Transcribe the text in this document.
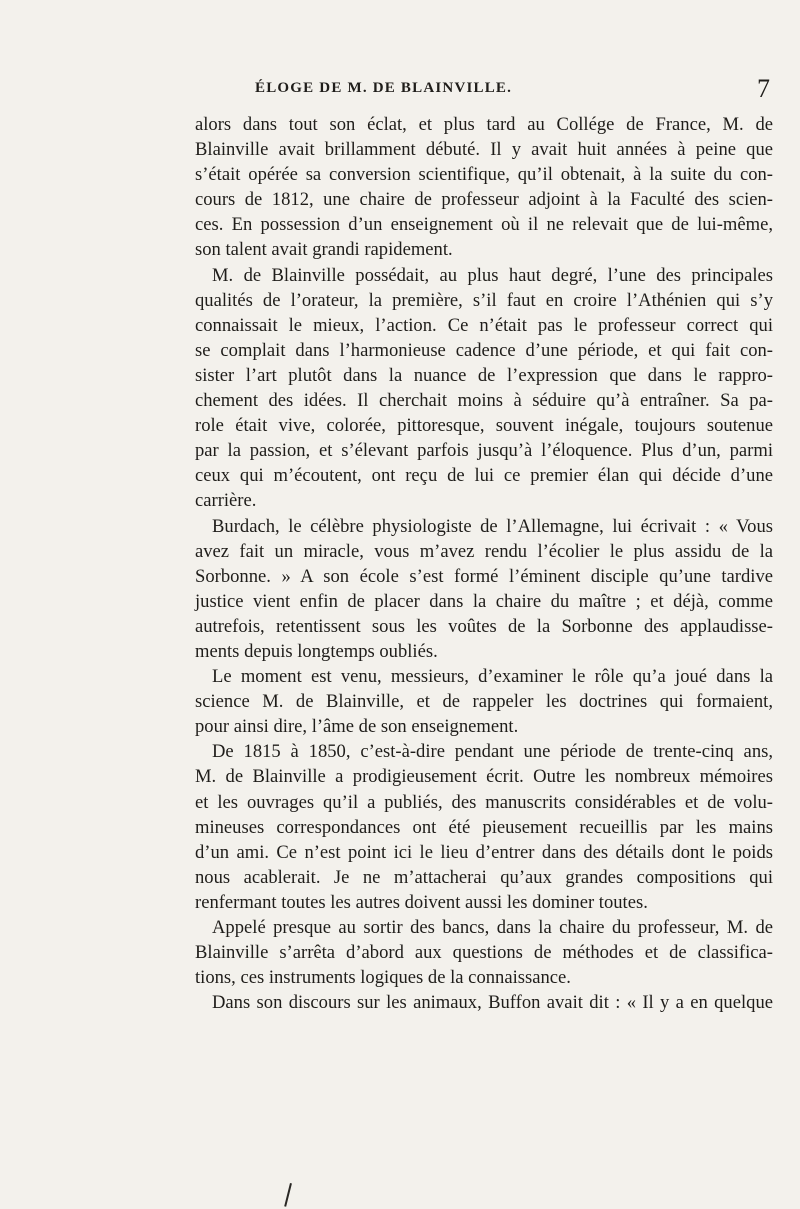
ÉLOGE DE M. DE BLAINVILLE.	7
alors dans tout son éclat, et plus tard au Collége de France, M. de
Blainville avait brillamment débuté. Il y avait huit années à peine que
s’était opérée sa conversion scientifique, qu’il obtenait, à la suite du con-
cours de 1812, une chaire de professeur adjoint à la Faculté des scien-
ces. En possession d’un enseignement où il ne relevait que de lui-même,
son talent avait grandi rapidement.
M. de Blainville possédait, au plus haut degré, l’une des principales
qualités de l’orateur, la première, s’il faut en croire l’Athénien qui s’y
connaissait le mieux, l’action. Ce n’était pas le professeur correct qui
se complait dans l’harmonieuse cadence d’une période, et qui fait con-
sister l’art plutôt dans la nuance de l’expression que dans le rappro-
chement des idées. Il cherchait moins à séduire qu’à entraîner. Sa pa-
role était vive, colorée, pittoresque, souvent inégale, toujours soutenue
par la passion, et s’élevant parfois jusqu’à l’éloquence. Plus d’un, parmi
ceux qui m’écoutent, ont reçu de lui ce premier élan qui décide d’une
carrière.
Burdach, le célèbre physiologiste de l’Allemagne, lui écrivait : « Vous
avez fait un miracle, vous m’avez rendu l’écolier le plus assidu de la
Sorbonne. » A son école s’est formé l’éminent disciple qu’une tardive
justice vient enfin de placer dans la chaire du maître ; et déjà, comme
autrefois, retentissent sous les voûtes de la Sorbonne des applaudisse-
ments depuis longtemps oubliés.
Le moment est venu, messieurs, d’examiner le rôle qu’a joué dans la
science M. de Blainville, et de rappeler les doctrines qui formaient,
pour ainsi dire, l’âme de son enseignement.
De 1815 à 1850, c’est-à-dire pendant une période de trente-cinq ans,
M. de Blainville a prodigieusement écrit. Outre les nombreux mémoires
et les ouvrages qu’il a publiés, des manuscrits considérables et de volu-
mineuses correspondances ont été pieusement recueillis par les mains
d’un ami. Ce n’est point ici le lieu d’entrer dans des détails dont le poids
nous acablerait. Je ne m’attacherai qu’aux grandes compositions qui
renfermant toutes les autres doivent aussi les dominer toutes.
Appelé presque au sortir des bancs, dans la chaire du professeur, M. de
Blainville s’arrêta d’abord aux questions de méthodes et de classifica-
tions, ces instruments logiques de la connaissance.
Dans son discours sur les animaux, Buffon avait dit : « Il y a en quelque
